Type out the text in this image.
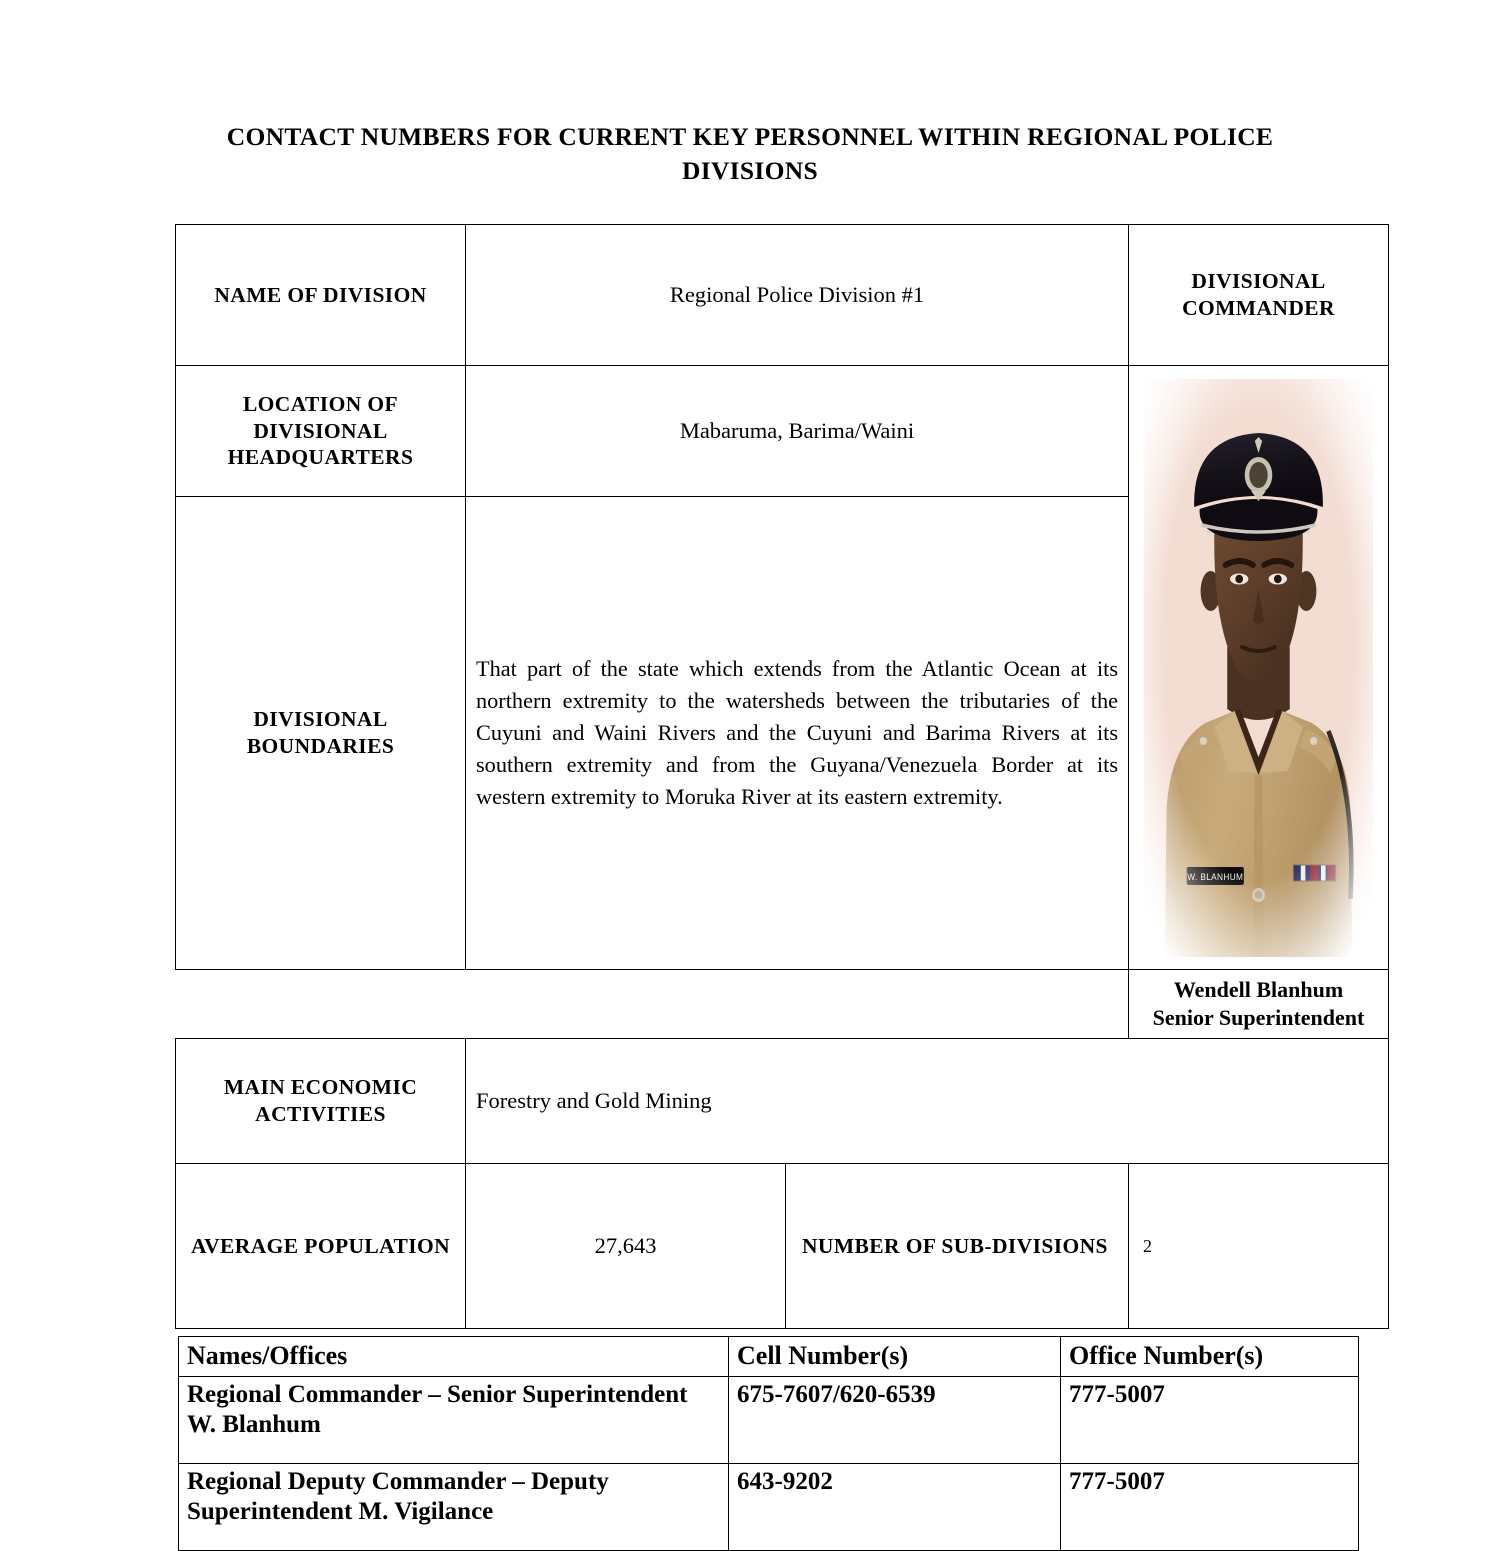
CONTACT NUMBERS FOR CURRENT KEY PERSONNEL WITHIN REGIONAL POLICE DIVISIONS
NAME OF DIVISION	Regional Police Division #1		DIVISIONAL COMMANDER
LOCATION OF DIVISIONAL HEADQUARTERS	Mabaruma, Barima/Waini	

DIVISIONAL BOUNDARIES	That part of the state which extends from the Atlantic Ocean at its northern extremity to the watersheds between the tributaries of the Cuyuni and Waini Rivers and the Cuyuni and Barima Rivers at its southern extremity and from the Guyana/Venezuela Border at its western extremity to Moruka River at its eastern extremity.		

			Wendell Blanhum
Senior Superintendent

MAIN ECONOMIC ACTIVITIES	Forestry and Gold Mining		
AVERAGE POPULATION	27,643	NUMBER OF SUB-DIVISIONS	2
Names/Offices	Cell Number(s)	Office Number(s)
Regional Commander – Senior Superintendent W. Blanhum	675-7607/620-6539	777-5007
Regional Deputy Commander – Deputy Superintendent M. Vigilance	643-9202	777-5007
